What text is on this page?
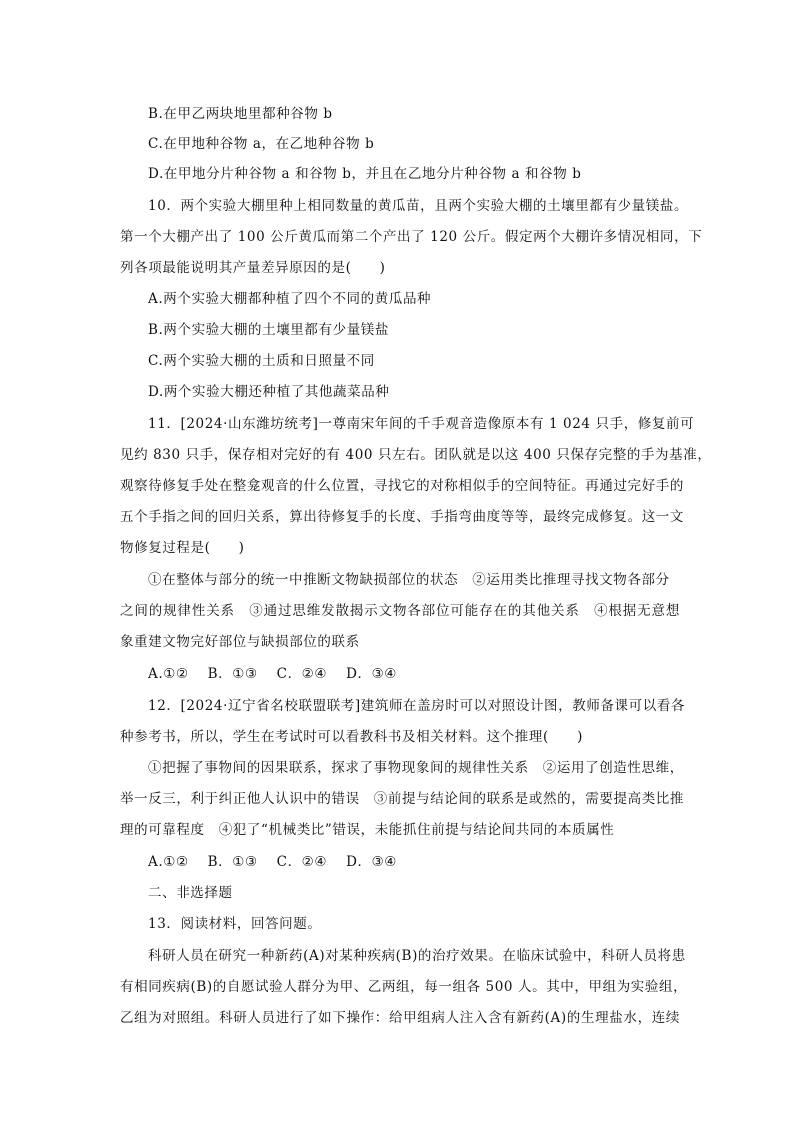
B.在甲乙两块地里都种谷物 b
C.在甲地种谷物 a，在乙地种谷物 b
D.在甲地分片种谷物 a 和谷物 b，并且在乙地分片种谷物 a 和谷物 b
10．两个实验大棚里种上相同数量的黄瓜苗，且两个实验大棚的土壤里都有少量镁盐。
第一个大棚产出了 100 公斤黄瓜而第二个产出了 120 公斤。假定两个大棚许多情况相同，下
列各项最能说明其产量差异原因的是(　　)
A.两个实验大棚都种植了四个不同的黄瓜品种
B.两个实验大棚的土壤里都有少量镁盐
C.两个实验大棚的土质和日照量不同
D.两个实验大棚还种植了其他蔬菜品种
11．[2024·山东潍坊统考]一尊南宋年间的千手观音造像原本有 1 024 只手，修复前可
见约 830 只手，保存相对完好的有 400 只左右。团队就是以这 400 只保存完整的手为基准，
观察待修复手处在整龛观音的什么位置，寻找它的对称相似手的空间特征。再通过完好手的
五个手指之间的回归关系，算出待修复手的长度、手指弯曲度等等，最终完成修复。这一文
物修复过程是(　　)
①在整体与部分的统一中推断文物缺损部位的状态　②运用类比推理寻找文物各部分
之间的规律性关系　③通过思维发散揭示文物各部位可能存在的其他关系　④根据无意想
象重建文物完好部位与缺损部位的联系
A.①②　 B．①③　 C．②④　 D．③④
12．[2024·辽宁省名校联盟联考]建筑师在盖房时可以对照设计图，教师备课可以看各
种参考书，所以，学生在考试时可以看教科书及相关材料。这个推理(　　)
①把握了事物间的因果联系，探求了事物现象间的规律性关系　②运用了创造性思维，
举一反三，利于纠正他人认识中的错误　③前提与结论间的联系是或然的，需要提高类比推
理的可靠程度　④犯了“机械类比”错误，未能抓住前提与结论间共同的本质属性
A.①②　 B．①③　 C．②④　 D．③④
二、非选择题
13．阅读材料，回答问题。
科研人员在研究一种新药(A)对某种疾病(B)的治疗效果。在临床试验中，科研人员将患
有相同疾病(B)的自愿试验人群分为甲、乙两组，每一组各 500 人。其中，甲组为实验组，
乙组为对照组。科研人员进行了如下操作：给甲组病人注入含有新药(A)的生理盐水，连续
